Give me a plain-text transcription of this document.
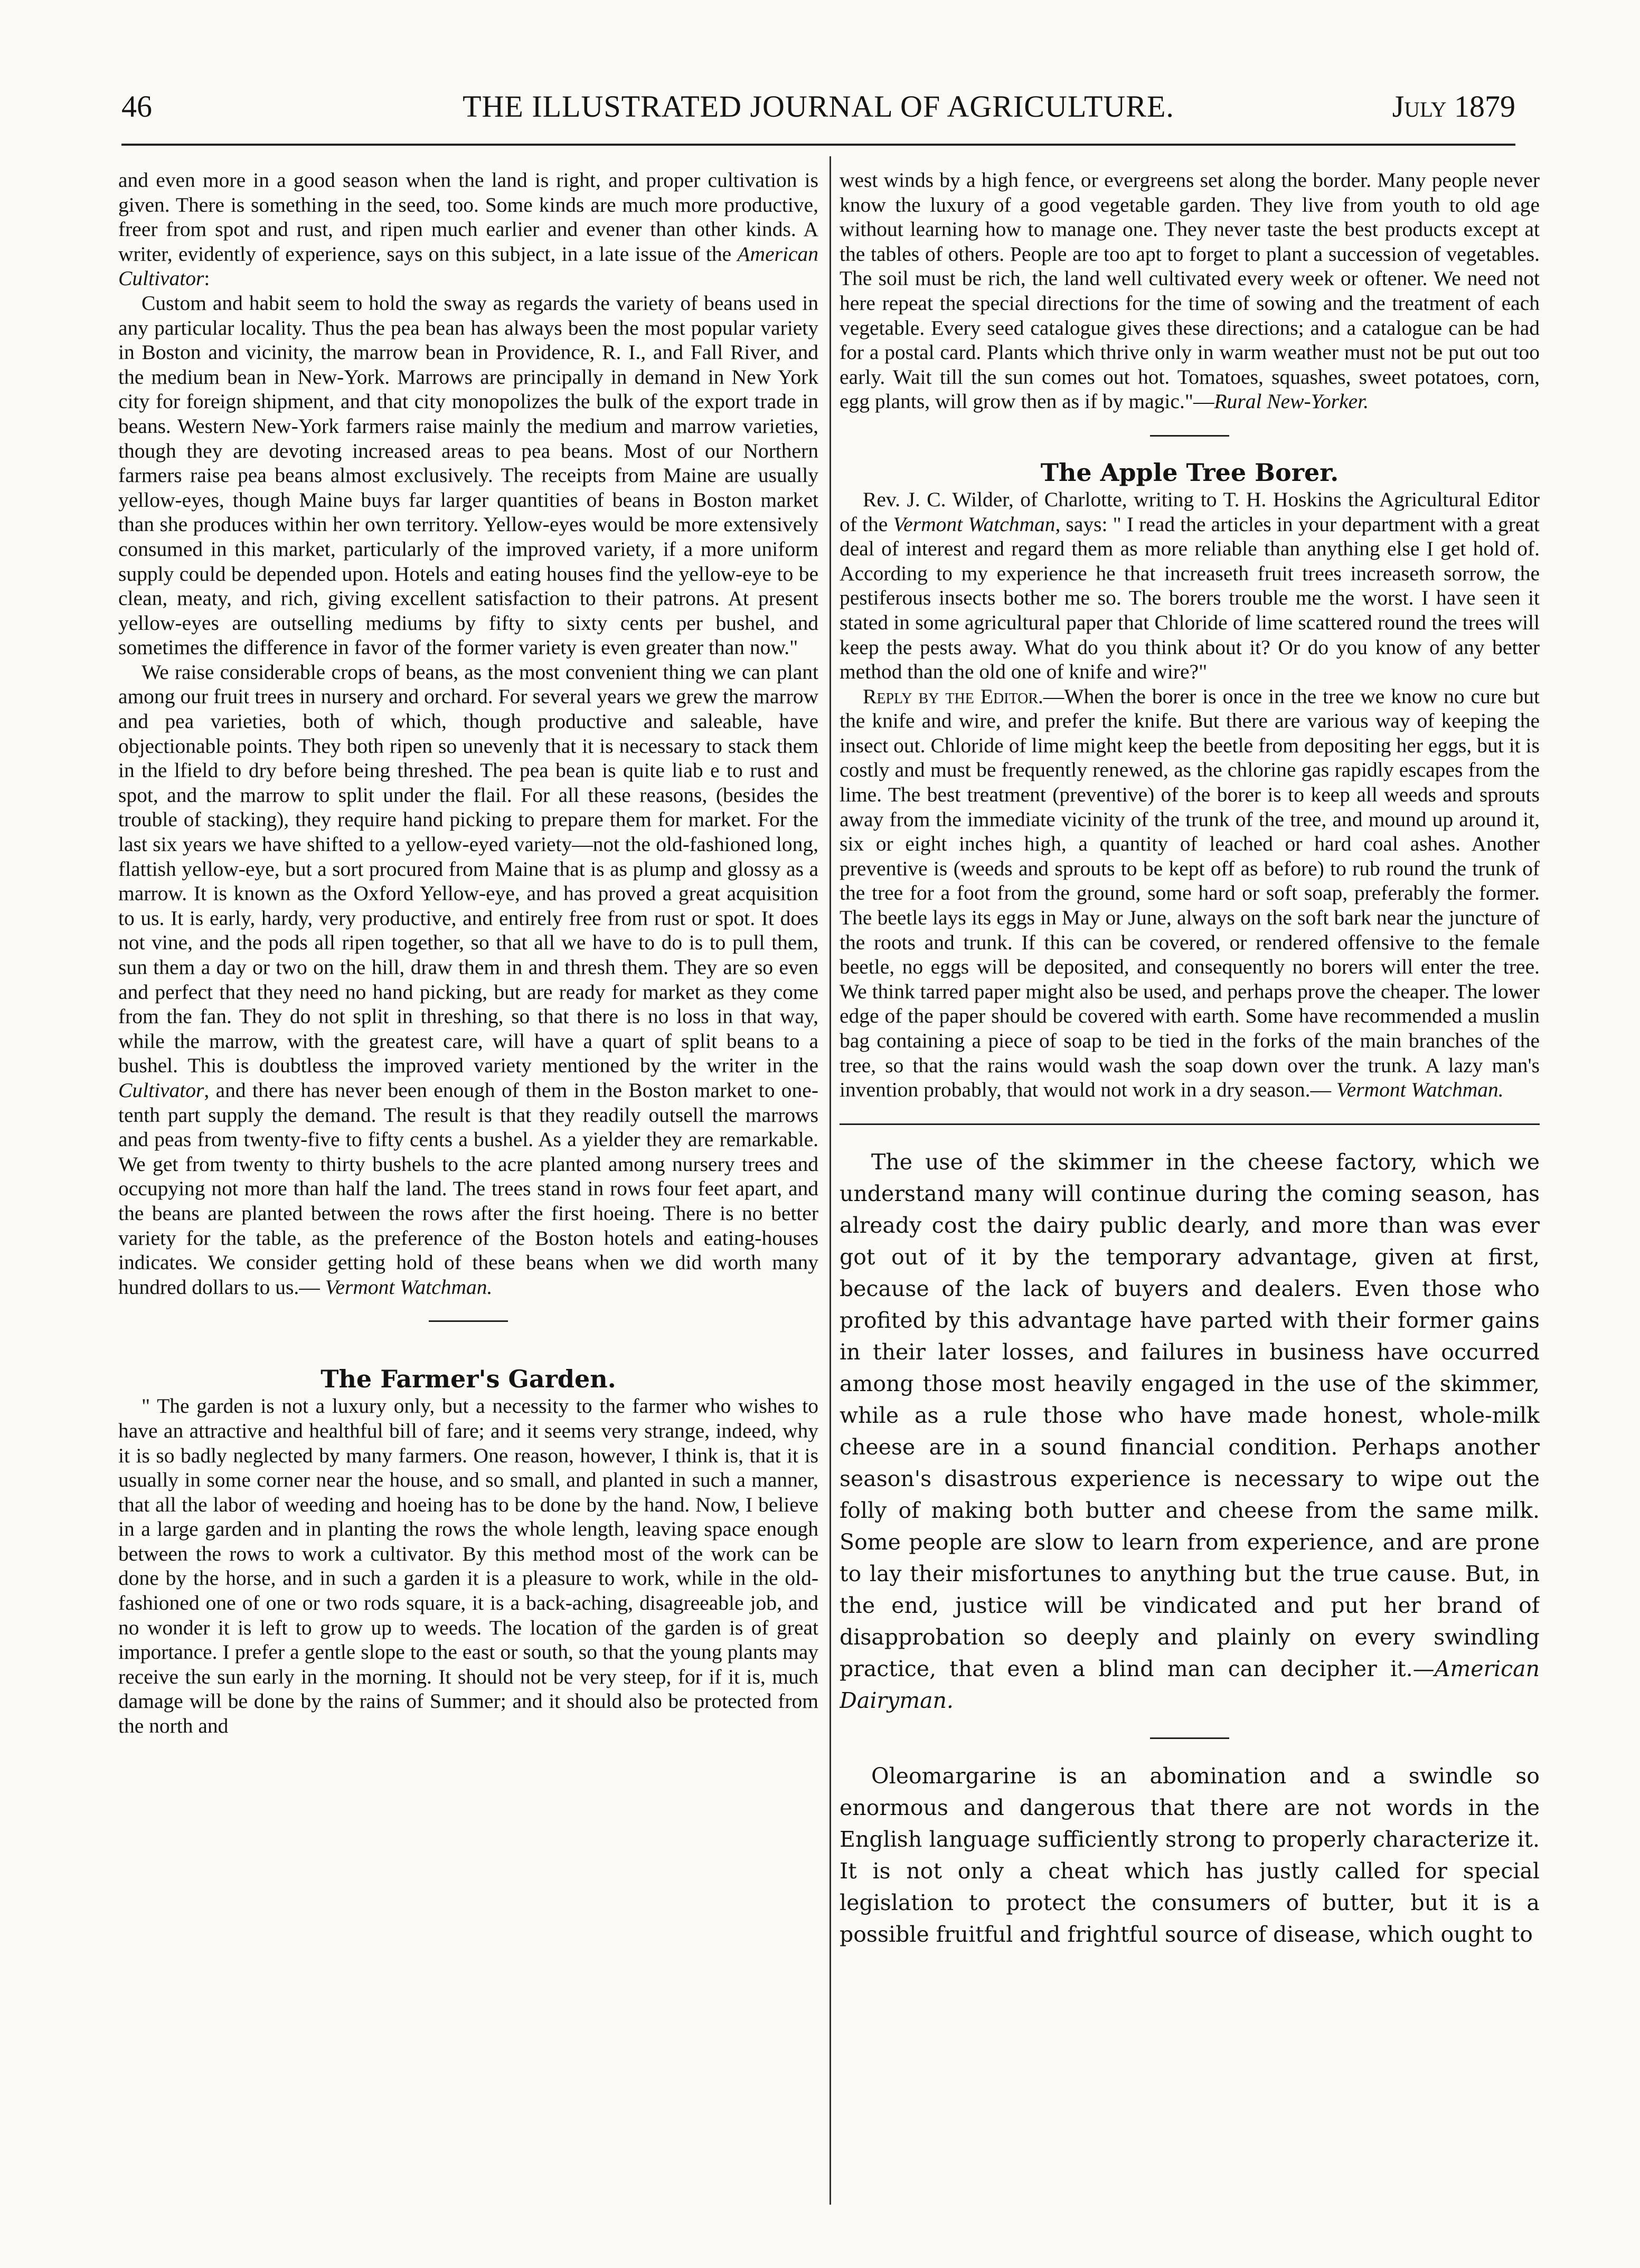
46	THE ILLUSTRATED JOURNAL OF AGRICULTURE.	July 1879

and even more in a good season when the land is right, and proper cultivation is given. There is something in the seed, too. Some kinds are much more productive, freer from spot and rust, and ripen much earlier and evener than other kinds. A writer, evidently of experience, says on this subject, in a late issue of the American Cultivator:

Custom and habit seem to hold the sway as regards the variety of beans used in any particular locality. Thus the pea bean has always been the most popular variety in Boston and vicinity, the marrow bean in Providence, R. I., and Fall River, and the medium bean in New-York. Marrows are principally in demand in New York city for foreign shipment, and that city monopolizes the bulk of the export trade in beans. Western New-York farmers raise mainly the medium and marrow varieties, though they are devoting increased areas to pea beans. Most of our Northern farmers raise pea beans almost exclusively. The receipts from Maine are usually yellow-eyes, though Maine buys far larger quantities of beans in Boston market than she produces within her own territory. Yellow-eyes would be more extensively consumed in this market, particularly of the improved variety, if a more uniform supply could be depended upon. Hotels and eating houses find the yellow-eye to be clean, meaty, and rich, giving excellent satisfaction to their patrons. At present yellow-eyes are outselling mediums by fifty to sixty cents per bushel, and sometimes the difference in favor of the former variety is even greater than now."

We raise considerable crops of beans, as the most convenient thing we can plant among our fruit trees in nursery and orchard. For several years we grew the marrow and pea varieties, both of which, though productive and saleable, have objectionable points. They both ripen so unevenly that it is necessary to stack them in the lfield to dry before being threshed. The pea bean is quite liab e to rust and spot, and the marrow to split under the flail. For all these reasons, (besides the trouble of stacking), they require hand picking to prepare them for market. For the last six years we have shifted to a yellow-eyed variety—not the old-fashioned long, flattish yellow-eye, but a sort procured from Maine that is as plump and glossy as a marrow. It is known as the Oxford Yellow-eye, and has proved a great acquisition to us. It is early, hardy, very productive, and entirely free from rust or spot. It does not vine, and the pods all ripen together, so that all we have to do is to pull them, sun them a day or two on the hill, draw them in and thresh them. They are so even and perfect that they need no hand picking, but are ready for market as they come from the fan. They do not split in threshing, so that there is no loss in that way, while the marrow, with the greatest care, will have a quart of split beans to a bushel. This is doubtless the improved variety mentioned by the writer in the Cultivator, and there has never been enough of them in the Boston market to one-tenth part supply the demand. The result is that they readily outsell the marrows and peas from twenty-five to fifty cents a bushel. As a yielder they are remarkable. We get from twenty to thirty bushels to the acre planted among nursery trees and occupying not more than half the land. The trees stand in rows four feet apart, and the beans are planted between the rows after the first hoeing. There is no better variety for the table, as the preference of the Boston hotels and eating-houses indicates. We consider getting hold of these beans when we did worth many hundred dollars to us.— Vermont Watchman.

The Farmer's Garden.

" The garden is not a luxury only, but a necessity to the farmer who wishes to have an attractive and healthful bill of fare; and it seems very strange, indeed, why it is so badly neglected by many farmers. One reason, however, I think is, that it is usually in some corner near the house, and so small, and planted in such a manner, that all the labor of weeding and hoeing has to be done by the hand. Now, I believe in a large garden and in planting the rows the whole length, leaving space enough between the rows to work a cultivator. By this method most of the work can be done by the horse, and in such a garden it is a pleasure to work, while in the old-fashioned one of one or two rods square, it is a back-aching, disagreeable job, and no wonder it is left to grow up to weeds. The location of the garden is of great importance. I prefer a gentle slope to the east or south, so that the young plants may receive the sun early in the morning. It should not be very steep, for if it is, much damage will be done by the rains of Summer; and it should also be protected from the north and

west winds by a high fence, or evergreens set along the border. Many people never know the luxury of a good vegetable garden. They live from youth to old age without learning how to manage one. They never taste the best products except at the tables of others. People are too apt to forget to plant a succession of vegetables. The soil must be rich, the land well cultivated every week or oftener. We need not here repeat the special directions for the time of sowing and the treatment of each vegetable. Every seed catalogue gives these directions; and a catalogue can be had for a postal card. Plants which thrive only in warm weather must not be put out too early. Wait till the sun comes out hot. Tomatoes, squashes, sweet potatoes, corn, egg plants, will grow then as if by magic."—Rural New-Yorker.

The Apple Tree Borer.

Rev. J. C. Wilder, of Charlotte, writing to T. H. Hoskins the Agricultural Editor of the Vermont Watchman, says: " I read the articles in your department with a great deal of interest and regard them as more reliable than anything else I get hold of. According to my experience he that increaseth fruit trees increaseth sorrow, the pestiferous insects bother me so. The borers trouble me the worst. I have seen it stated in some agricultural paper that Chloride of lime scattered round the trees will keep the pests away. What do you think about it? Or do you know of any better method than the old one of knife and wire?"

Reply by the Editor.—When the borer is once in the tree we know no cure but the knife and wire, and prefer the knife. But there are various way of keeping the insect out. Chloride of lime might keep the beetle from depositing her eggs, but it is costly and must be frequently renewed, as the chlorine gas rapidly escapes from the lime. The best treatment (preventive) of the borer is to keep all weeds and sprouts away from the immediate vicinity of the trunk of the tree, and mound up around it, six or eight inches high, a quantity of leached or hard coal ashes. Another preventive is (weeds and sprouts to be kept off as before) to rub round the trunk of the tree for a foot from the ground, some hard or soft soap, preferably the former. The beetle lays its eggs in May or June, always on the soft bark near the juncture of the roots and trunk. If this can be covered, or rendered offensive to the female beetle, no eggs will be deposited, and consequently no borers will enter the tree. We think tarred paper might also be used, and perhaps prove the cheaper. The lower edge of the paper should be covered with earth. Some have recommended a muslin bag containing a piece of soap to be tied in the forks of the main branches of the tree, so that the rains would wash the soap down over the trunk. A lazy man's invention probably, that would not work in a dry season.— Vermont Watchman.

The use of the skimmer in the cheese factory, which we understand many will continue during the coming season, has already cost the dairy public dearly, and more than was ever got out of it by the temporary advantage, given at first, because of the lack of buyers and dealers. Even those who profited by this advantage have parted with their former gains in their later losses, and failures in business have occurred among those most heavily engaged in the use of the skimmer, while as a rule those who have made honest, whole-milk cheese are in a sound financial condition. Perhaps another season's disastrous experience is necessary to wipe out the folly of making both butter and cheese from the same milk. Some people are slow to learn from experience, and are prone to lay their misfortunes to anything but the true cause. But, in the end, justice will be vindicated and put her brand of disapprobation so deeply and plainly on every swindling practice, that even a blind man can decipher it.—American Dairyman.

Oleomargarine is an abomination and a swindle so enormous and dangerous that there are not words in the English language sufficiently strong to properly characterize it. It is not only a cheat which has justly called for special legislation to protect the consumers of butter, but it is a possible fruitful and frightful source of disease, which ought to
